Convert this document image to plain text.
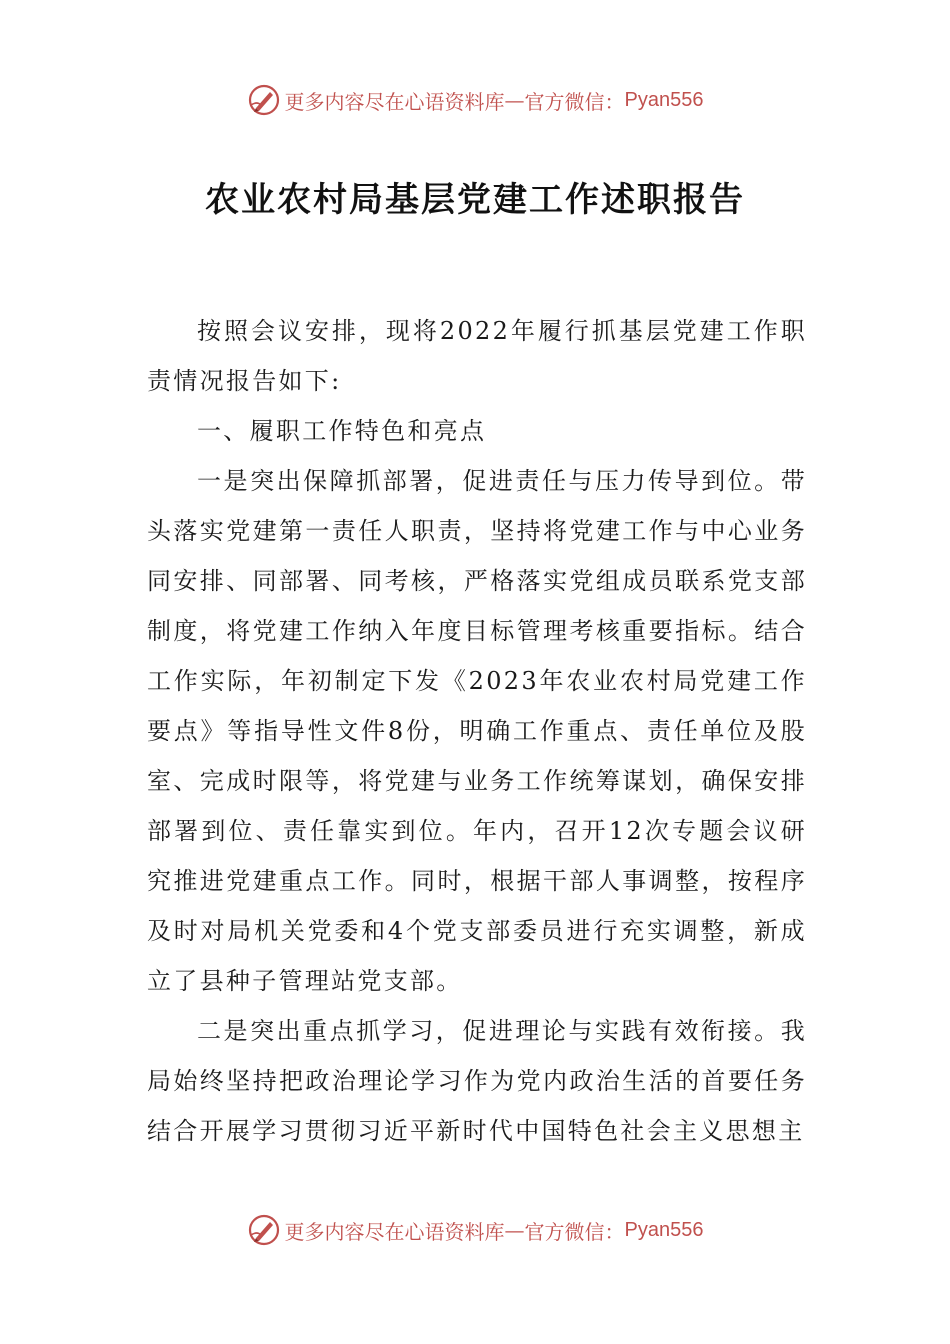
更多内容尽在心语资料库 — 官方微信： Pyan556
农业农村局基层党建工作述职报告

按照会议安排，现将2022年履行抓基层党建工作职责情况报告如下:

一、履职工作特色和亮点

一是突出保障抓部署，促进责任与压力传导到位。带头落实党建第一责任人职责，坚持将党建工作与中心业务同安排、同部署、同考核，严格落实党组成员联系党支部制度，将党建工作纳入年度目标管理考核重要指标。结合工作实际，年初制定下发《2023年农业农村局党建工作要点》等指导性文件8份，明确工作重点、责任单位及股室、完成时限等，将党建与业务工作统筹谋划，确保安排部署到位、责任靠实到位。年内，召开12次专题会议研究推进党建重点工作。同时，根据干部人事调整，按程序及时对局机关党委和4个党支部委员进行充实调整，新成立了县种子管理站党支部。

二是突出重点抓学习，促进理论与实践有效衔接。我局始终坚持把政治理论学习作为党内政治生活的首要任务结合开展学习贯彻习近平新时代中国特色社会主义思想主

更多内容尽在心语资料库 — 官方微信： Pyan556
